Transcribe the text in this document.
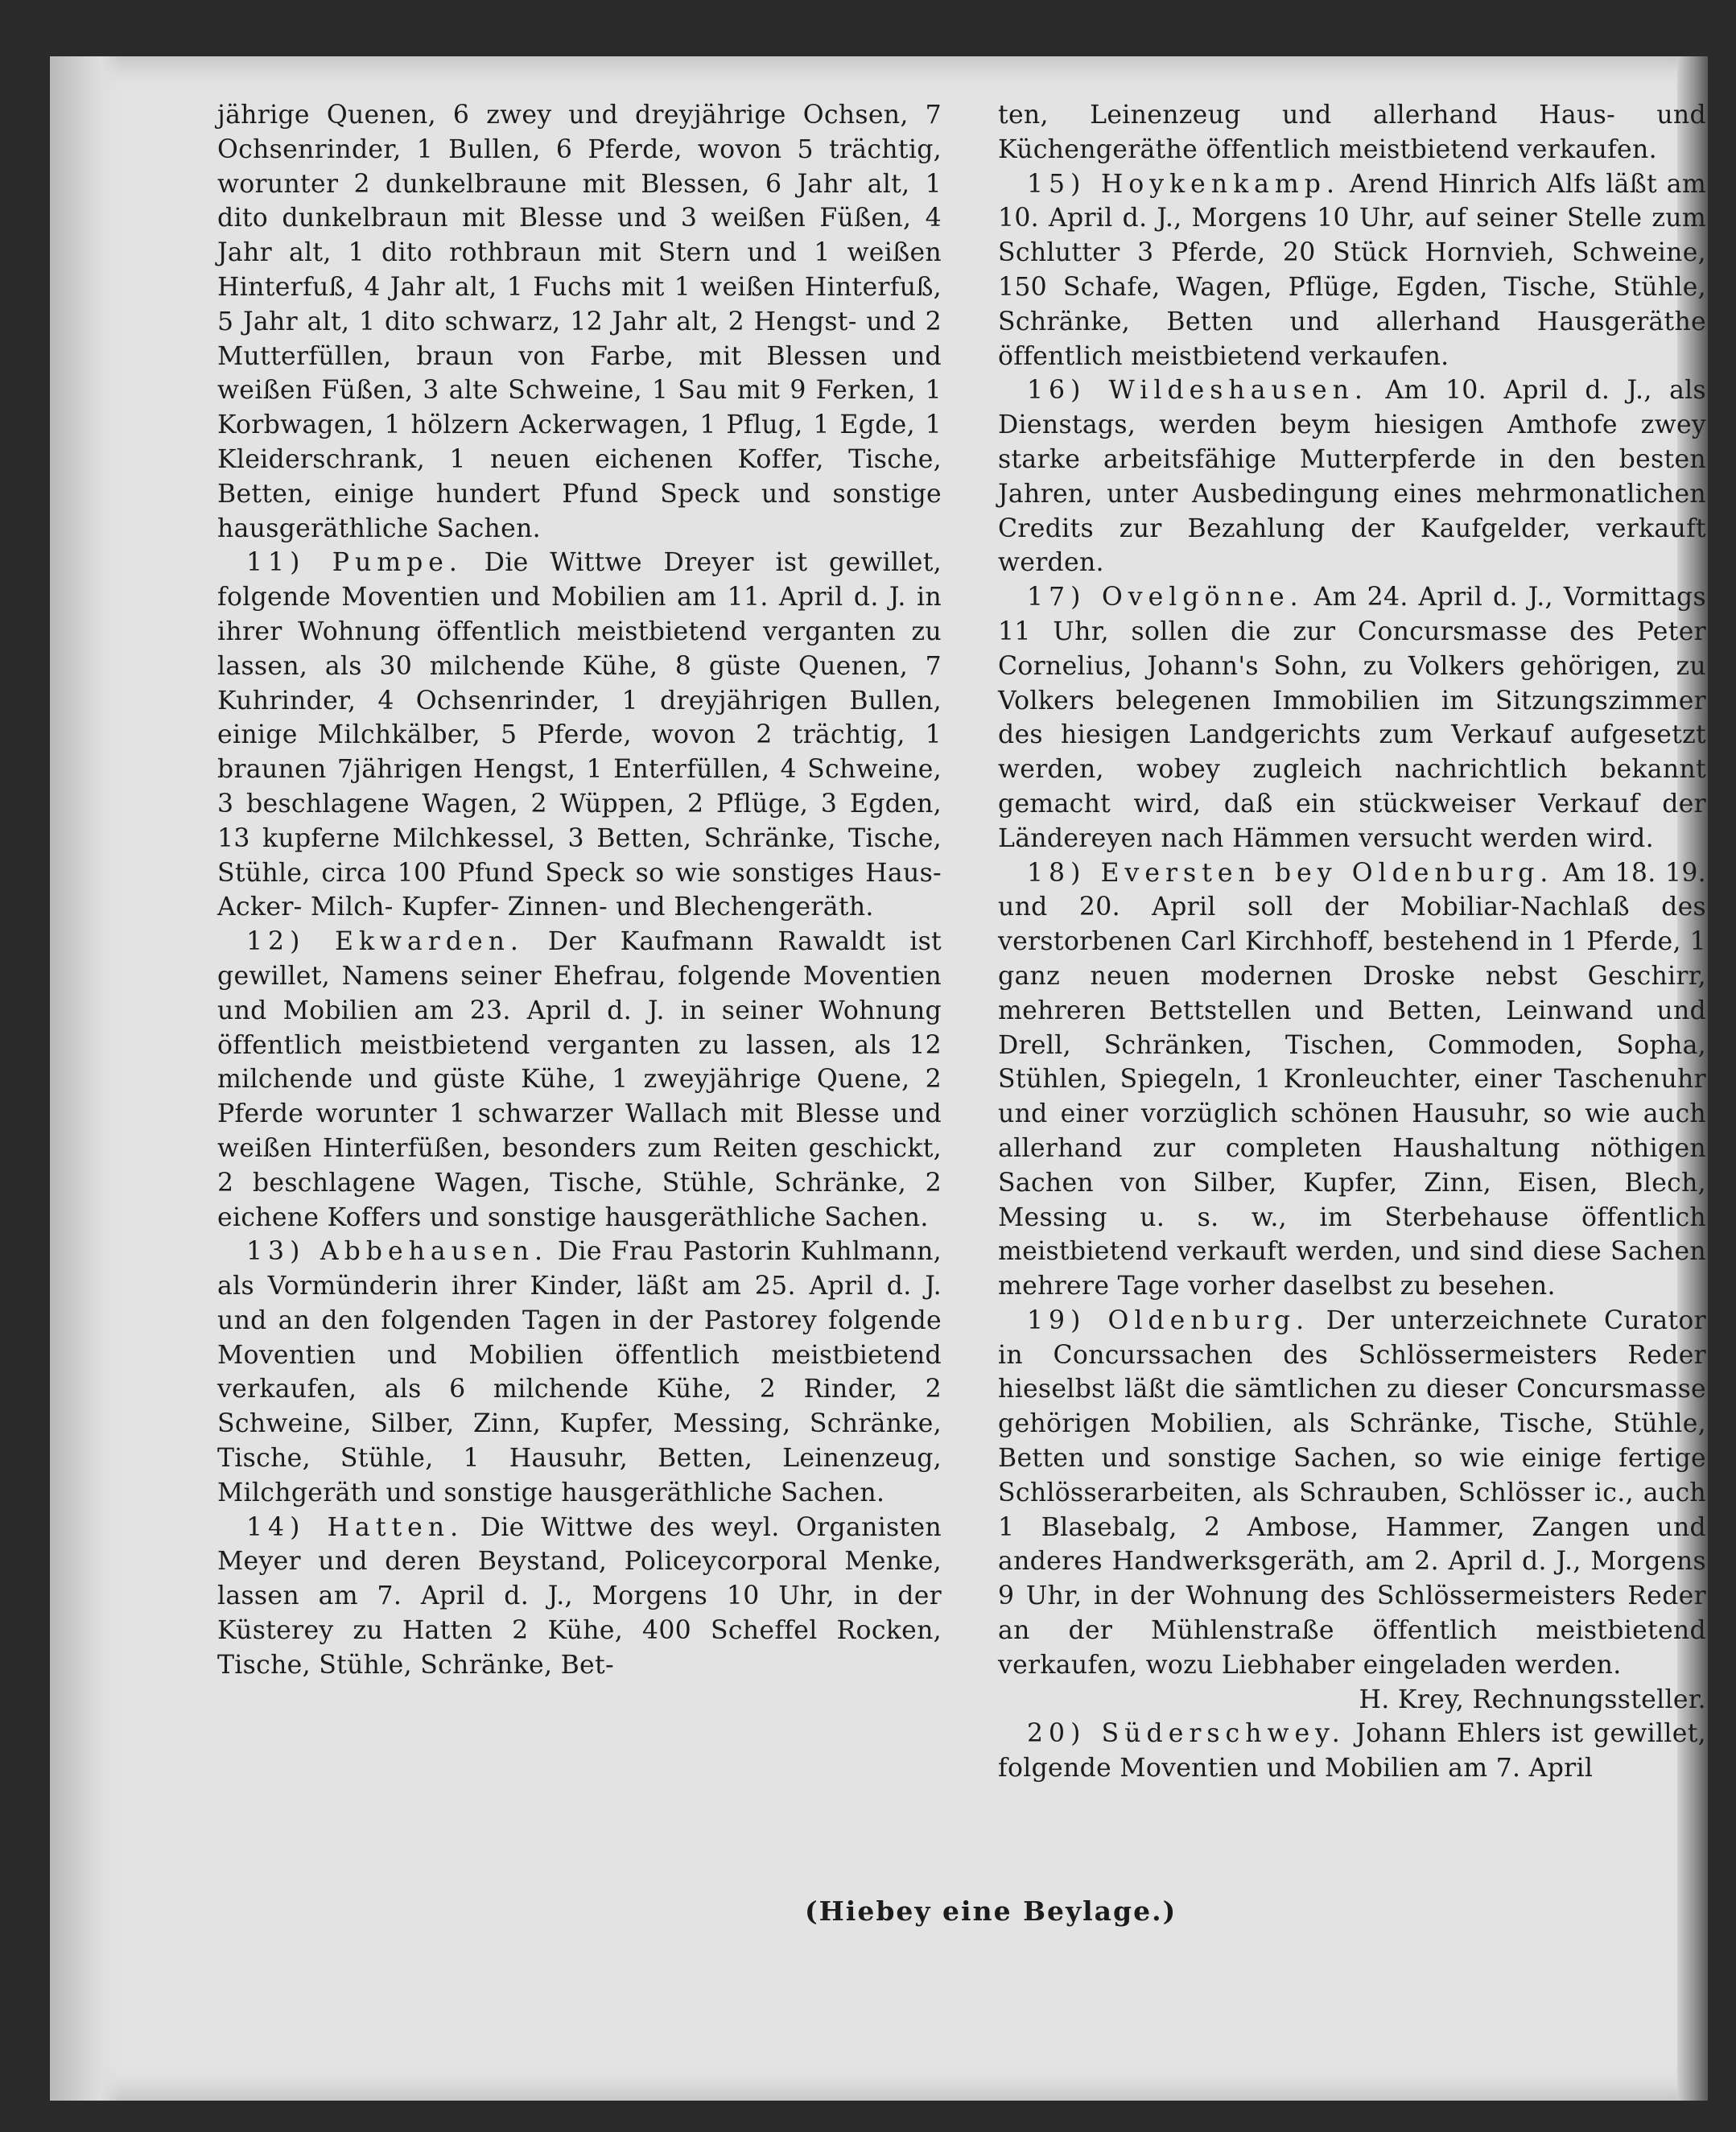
jährige Quenen, 6 zwey und dreyjährige Ochsen, 7 Ochsenrinder, 1 Bullen, 6 Pferde, wovon 5 trächtig, worunter 2 dunkelbraune mit Blessen, 6 Jahr alt, 1 dito dunkelbraun mit Blesse und 3 weißen Füßen, 4 Jahr alt, 1 dito rothbraun mit Stern und 1 weißen Hinterfuß, 4 Jahr alt, 1 Fuchs mit 1 weißen Hinterfuß, 5 Jahr alt, 1 dito schwarz, 12 Jahr alt, 2 Hengst- und 2 Mutterfüllen, braun von Farbe, mit Blessen und weißen Füßen, 3 alte Schweine, 1 Sau mit 9 Ferken, 1 Korbwagen, 1 hölzern Ackerwagen, 1 Pflug, 1 Egde, 1 Kleiderschrank, 1 neuen eichenen Koffer, Tische, Betten, einige hundert Pfund Speck und sonstige hausgeräthliche Sachen.

11) Pumpe. Die Wittwe Dreyer ist gewillet, folgende Moventien und Mobilien am 11. April d. J. in ihrer Wohnung öffentlich meistbietend verganten zu lassen, als 30 milchende Kühe, 8 güste Quenen, 7 Kuhrinder, 4 Ochsenrinder, 1 dreyjährigen Bullen, einige Milchkälber, 5 Pferde, wovon 2 trächtig, 1 braunen 7jährigen Hengst, 1 Enterfüllen, 4 Schweine, 3 beschlagene Wagen, 2 Wüppen, 2 Pflüge, 3 Egden, 13 kupferne Milchkessel, 3 Betten, Schränke, Tische, Stühle, circa 100 Pfund Speck so wie sonstiges Haus- Acker- Milch- Kupfer- Zinnen- und Blechengeräth.

12) Ekwarden. Der Kaufmann Rawaldt ist gewillet, Namens seiner Ehefrau, folgende Moventien und Mobilien am 23. April d. J. in seiner Wohnung öffentlich meistbietend verganten zu lassen, als 12 milchende und güste Kühe, 1 zweyjährige Quene, 2 Pferde worunter 1 schwarzer Wallach mit Blesse und weißen Hinterfüßen, besonders zum Reiten geschickt, 2 beschlagene Wagen, Tische, Stühle, Schränke, 2 eichene Koffers und sonstige hausgeräthliche Sachen.

13) Abbehausen. Die Frau Pastorin Kuhlmann, als Vormünderin ihrer Kinder, läßt am 25. April d. J. und an den folgenden Tagen in der Pastorey folgende Moventien und Mobilien öffentlich meistbietend verkaufen, als 6 milchende Kühe, 2 Rinder, 2 Schweine, Silber, Zinn, Kupfer, Messing, Schränke, Tische, Stühle, 1 Hausuhr, Betten, Leinenzeug, Milchgeräth und sonstige hausgeräthliche Sachen.

14) Hatten. Die Wittwe des weyl. Organisten Meyer und deren Beystand, Policeycorporal Menke, lassen am 7. April d. J., Morgens 10 Uhr, in der Küsterey zu Hatten 2 Kühe, 400 Scheffel Rocken, Tische, Stühle, Schränke, Bet-

ten, Leinenzeug und allerhand Haus- und Küchengeräthe öffentlich meistbietend verkaufen.

15) Hoykenkamp. Arend Hinrich Alfs läßt am 10. April d. J., Morgens 10 Uhr, auf seiner Stelle zum Schlutter 3 Pferde, 20 Stück Hornvieh, Schweine, 150 Schafe, Wagen, Pflüge, Egden, Tische, Stühle, Schränke, Betten und allerhand Hausgeräthe öffentlich meistbietend verkaufen.

16) Wildeshausen. Am 10. April d. J., als Dienstags, werden beym hiesigen Amthofe zwey starke arbeitsfähige Mutterpferde in den besten Jahren, unter Ausbedingung eines mehrmonatlichen Credits zur Bezahlung der Kaufgelder, verkauft werden.

17) Ovelgönne. Am 24. April d. J., Vormittags 11 Uhr, sollen die zur Concursmasse des Peter Cornelius, Johann's Sohn, zu Volkers gehörigen, zu Volkers belegenen Immobilien im Sitzungszimmer des hiesigen Landgerichts zum Verkauf aufgesetzt werden, wobey zugleich nachrichtlich bekannt gemacht wird, daß ein stückweiser Verkauf der Ländereyen nach Hämmen versucht werden wird.

18) Eversten bey Oldenburg. Am 18. 19. und 20. April soll der Mobiliar-Nachlaß des verstorbenen Carl Kirchhoff, bestehend in 1 Pferde, 1 ganz neuen modernen Droske nebst Geschirr, mehreren Bettstellen und Betten, Leinwand und Drell, Schränken, Tischen, Commoden, Sopha, Stühlen, Spiegeln, 1 Kronleuchter, einer Taschenuhr und einer vorzüglich schönen Hausuhr, so wie auch allerhand zur completen Haushaltung nöthigen Sachen von Silber, Kupfer, Zinn, Eisen, Blech, Messing u. s. w., im Sterbehause öffentlich meistbietend verkauft werden, und sind diese Sachen mehrere Tage vorher daselbst zu besehen.

19) Oldenburg. Der unterzeichnete Curator in Concurssachen des Schlössermeisters Reder hieselbst läßt die sämtlichen zu dieser Concursmasse gehörigen Mobilien, als Schränke, Tische, Stühle, Betten und sonstige Sachen, so wie einige fertige Schlösserarbeiten, als Schrauben, Schlösser ic., auch 1 Blasebalg, 2 Ambose, Hammer, Zangen und anderes Handwerksgeräth, am 2. April d. J., Morgens 9 Uhr, in der Wohnung des Schlössermeisters Reder an der Mühlenstraße öffentlich meistbietend verkaufen, wozu Liebhaber eingeladen werden.

H. Krey, Rechnungssteller.

20) Süderschwey. Johann Ehlers ist gewillet, folgende Moventien und Mobilien am 7. April

(Hiebey eine Beylage.)
